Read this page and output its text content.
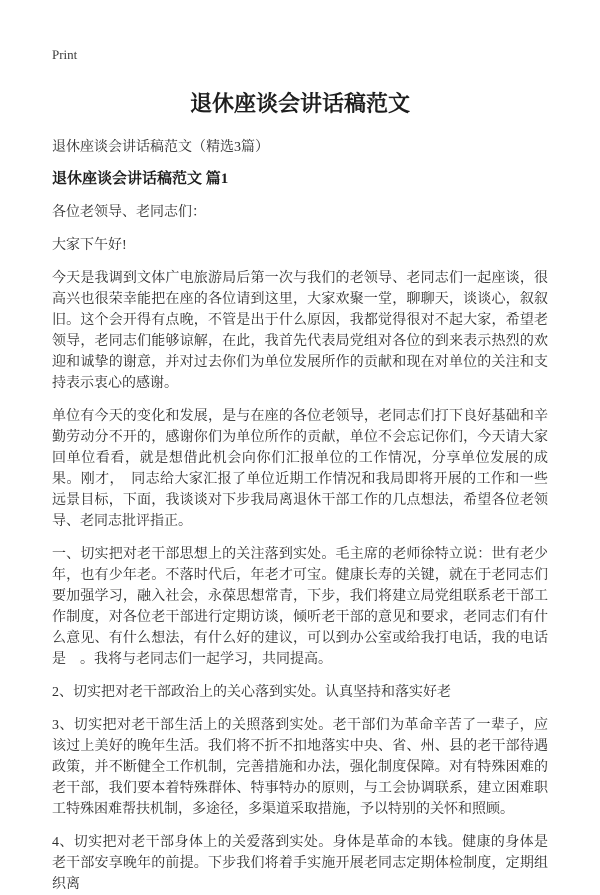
Print
退休座谈会讲话稿范文
退休座谈会讲话稿范文（精选3篇）
退休座谈会讲话稿范文 篇1
各位老领导、老同志们：
大家下午好!

今天是我调到文体广电旅游局后第一次与我们的老领导、老同志们一起座谈，很高兴也很荣幸能把在座的各位请到这里，大家欢聚一堂，聊聊天，谈谈心，叙叙旧。这个会开得有点晚，不管是出于什么原因，我都觉得很对不起大家，希望老领导，老同志们能够谅解，在此，我首先代表局党组对各位的到来表示热烈的欢迎和诚挚的谢意，并对过去你们为单位发展所作的贡献和现在对单位的关注和支持表示衷心的感谢。

单位有今天的变化和发展，是与在座的各位老领导，老同志们打下良好基础和辛勤劳动分不开的，感谢你们为单位所作的贡献，单位不会忘记你们，今天请大家回单位看看，就是想借此机会向你们汇报单位的工作情况，分享单位发展的成果。刚才，　同志给大家汇报了单位近期工作情况和我局即将开展的工作和一些远景目标，下面，我谈谈对下步我局离退休干部工作的几点想法，希望各位老领导、老同志批评指正。

一、切实把对老干部思想上的关注落到实处。毛主席的老师徐特立说：世有老少年，也有少年老。不落时代后，年老才可宝。健康长寿的关键，就在于老同志们要加强学习，融入社会，永葆思想常青，下步，我们将建立局党组联系老干部工作制度，对各位老干部进行定期访谈，倾听老干部的意见和要求，老同志们有什么意见、有什么想法，有什么好的建议，可以到办公室或给我打电话，我的电话是　。我将与老同志们一起学习，共同提高。

2、切实把对老干部政治上的关心落到实处。认真坚持和落实好老

3、切实把对老干部生活上的关照落到实处。老干部们为革命辛苦了一辈子，应该过上美好的晚年生活。我们将不折不扣地落实中央、省、州、县的老干部待遇政策，并不断健全工作机制，完善措施和办法，强化制度保障。对有特殊困难的老干部，我们要本着特殊群体、特事特办的原则，与工会协调联系，建立困难职工特殊困难帮扶机制，多途径，多渠道采取措施，予以特别的关怀和照顾。

4、切实把对老干部身体上的关爱落到实处。身体是革命的本钱。健康的身体是老干部安享晚年的前提。下步我们将着手实施开展老同志定期体检制度，定期组织离
